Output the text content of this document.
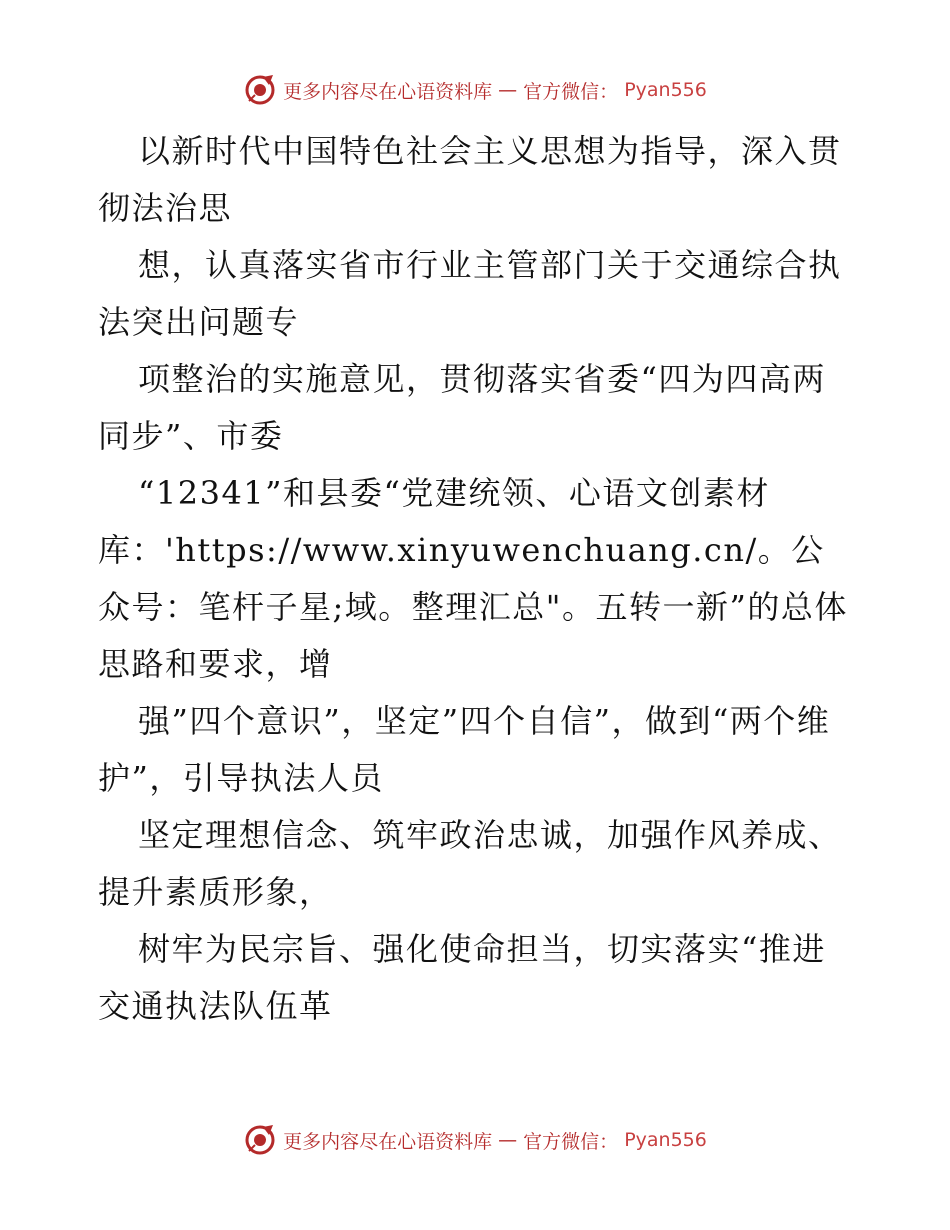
更多内容尽在心语资料库 — 官方微信： Pyan556

以新时代中国特色社会主义思想为指导，深入贯彻法治思

想，认真落实省市行业主管部门关于交通综合执法突出问题专

项整治的实施意见，贯彻落实省委“四为四高两同步”、市委

“12341”和县委“党建统领、心语文创素材库：'https://www.xinyuwenchuang.cn/。公众号：笔杆子星;域。整理汇总"。五转一新”的总体思路和要求，增

强”四个意识”，坚定”四个自信”，做到“两个维护”，引导执法人员

坚定理想信念、筑牢政治忠诚，加强作风养成、提升素质形象，

树牢为民宗旨、强化使命担当，切实落实“推进交通执法队伍革

更多内容尽在心语资料库 — 官方微信： Pyan556
